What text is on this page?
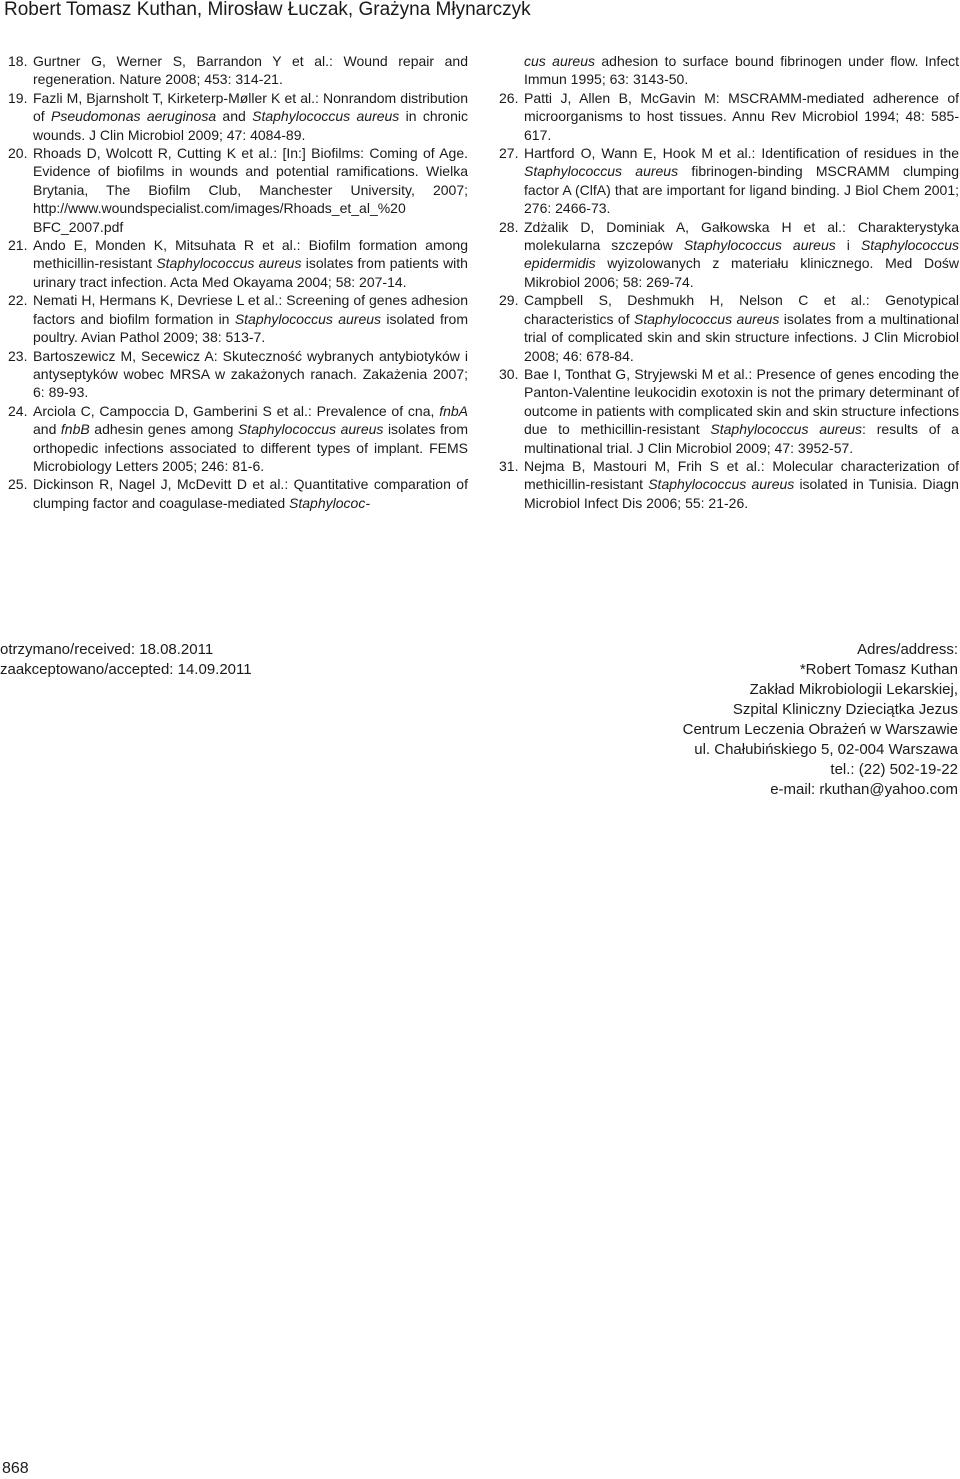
Robert Tomasz Kuthan, Mirosław Łuczak, Grażyna Młynarczyk
18. Gurtner G, Werner S, Barrandon Y et al.: Wound repair and regeneration. Nature 2008; 453: 314-21.
19. Fazli M, Bjarnsholt T, Kirketerp-Møller K et al.: Nonrandom distribution of Pseudomonas aeruginosa and Staphylococcus aureus in chronic wounds. J Clin Microbiol 2009; 47: 4084-89.
20. Rhoads D, Wolcott R, Cutting K et al.: [In:] Biofilms: Coming of Age. Evidence of biofilms in wounds and potential ramifications. Wielka Brytania, The Biofilm Club, Manchester University, 2007; http://www.woundspecialist.com/images/Rhoads_et_al_%20 BFC_2007.pdf
21. Ando E, Monden K, Mitsuhata R et al.: Biofilm formation among methicillin-resistant Staphylococcus aureus isolates from patients with urinary tract infection. Acta Med Okayama 2004; 58: 207-14.
22. Nemati H, Hermans K, Devriese L et al.: Screening of genes adhesion factors and biofilm formation in Staphylococcus aureus isolated from poultry. Avian Pathol 2009; 38: 513-7.
23. Bartoszewicz M, Secewicz A: Skuteczność wybranych antybiotyków i antyseptyków wobec MRSA w zakażonych ranach. Zakażenia 2007; 6: 89-93.
24. Arciola C, Campoccia D, Gamberini S et al.: Prevalence of cna, fnbA and fnbB adhesin genes among Staphylococcus aureus isolates from orthopedic infections associated to different types of implant. FEMS Microbiology Letters 2005; 246: 81-6.
25. Dickinson R, Nagel J, McDevitt D et al.: Quantitative comparation of clumping factor and coagulase-mediated Staphylococ-
cus aureus adhesion to surface bound fibrinogen under flow. Infect Immun 1995; 63: 3143-50.
26. Patti J, Allen B, McGavin M: MSCRAMM-mediated adherence of microorganisms to host tissues. Annu Rev Microbiol 1994; 48: 585-617.
27. Hartford O, Wann E, Hook M et al.: Identification of residues in the Staphylococcus aureus fibrinogen-binding MSCRAMM clumping factor A (ClfA) that are important for ligand binding. J Biol Chem 2001; 276: 2466-73.
28. Zdżalik D, Dominiak A, Gałkowska H et al.: Charakterystyka molekularna szczepów Staphylococcus aureus i Staphylococcus epidermidis wyizolowanych z materiału klinicznego. Med Dośw Mikrobiol 2006; 58: 269-74.
29. Campbell S, Deshmukh H, Nelson C et al.: Genotypical characteristics of Staphylococcus aureus isolates from a multinational trial of complicated skin and skin structure infections. J Clin Microbiol 2008; 46: 678-84.
30. Bae I, Tonthat G, Stryjewski M et al.: Presence of genes encoding the Panton-Valentine leukocidin exotoxin is not the primary determinant of outcome in patients with complicated skin and skin structure infections due to methicillin-resistant Staphylococcus aureus: results of a multinational trial. J Clin Microbiol 2009; 47: 3952-57.
31. Nejma B, Mastouri M, Frih S et al.: Molecular characterization of methicillin-resistant Staphylococcus aureus isolated in Tunisia. Diagn Microbiol Infect Dis 2006; 55: 21-26.
otrzymano/received: 18.08.2011
zaakceptowano/accepted: 14.09.2011
Adres/address:
*Robert Tomasz Kuthan
Zakład Mikrobiologii Lekarskiej,
Szpital Kliniczny Dzieciątka Jezus
Centrum Leczenia Obrażeń w Warszawie
ul. Chałubińskiego 5, 02-004 Warszawa
tel.: (22) 502-19-22
e-mail: rkuthan@yahoo.com
868
